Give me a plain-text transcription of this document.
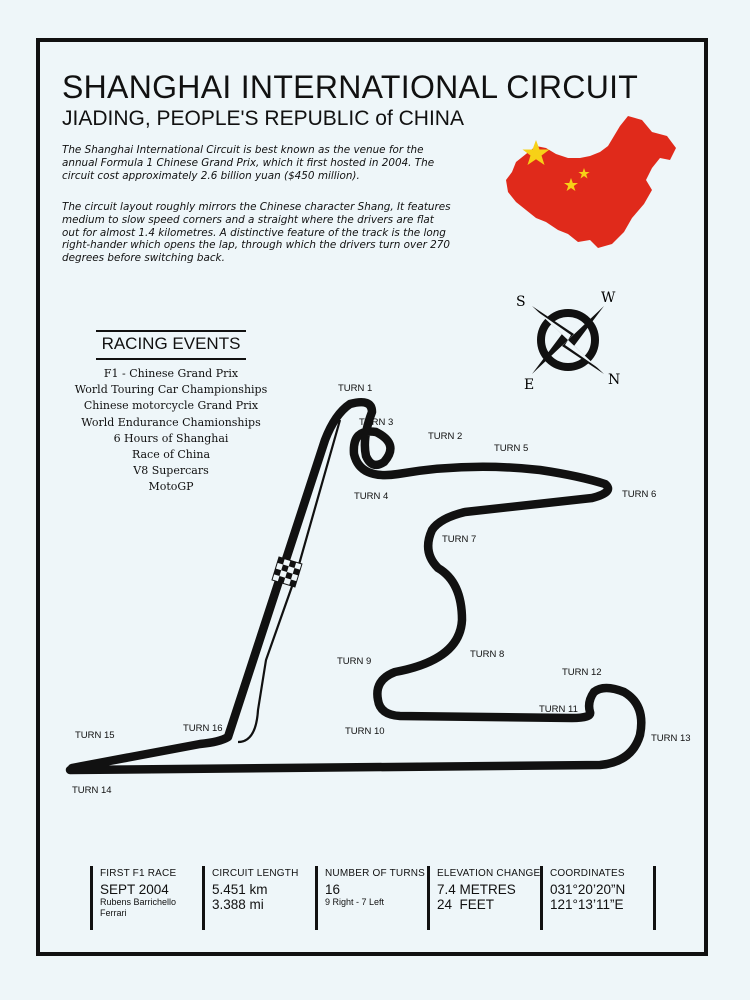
SHANGHAI INTERNATIONAL CIRCUIT
JIADING, PEOPLE'S REPUBLIC of CHINA

The Shanghai International Circuit is best known as the venue for the annual Formula 1 Chinese Grand Prix, which it first hosted in 2004. The circuit cost approximately 2.6 billion yuan ($450 million).

The circuit layout roughly mirrors the Chinese character Shang, It features medium to slow speed corners and a straight where the drivers are flat out for almost 1.4 kilometres. A distinctive feature of the track is the long right-hander which opens the lap, through which the drivers turn over 270 degrees before switching back.

S	W
E	N
RACING EVENTS
F1 - Chinese Grand Prix
World Touring Car Championships
Chinese motorcycle Grand Prix
World Endurance Chamionships
6 Hours of Shanghai
Race of China
V8 Supercars
MotoGP
TURN 1
TURN 2
TURN 3
TURN 4
TURN 5
TURN 6
TURN 7
TURN 8
TURN 9
TURN 10
TURN 11
TURN 12
TURN 13
TURN 14
TURN 15
TURN 16
FIRST F1 RACE
SEPT 2004
Rubens Barrichello
Ferrari
CIRCUIT LENGTH
5.451 km
3.388 mi
NUMBER OF TURNS
16
9 Right - 7 Left
ELEVATION CHANGE
7.4 METRES
24  FEET
COORDINATES
031°20’20”N
121°13’11”E
